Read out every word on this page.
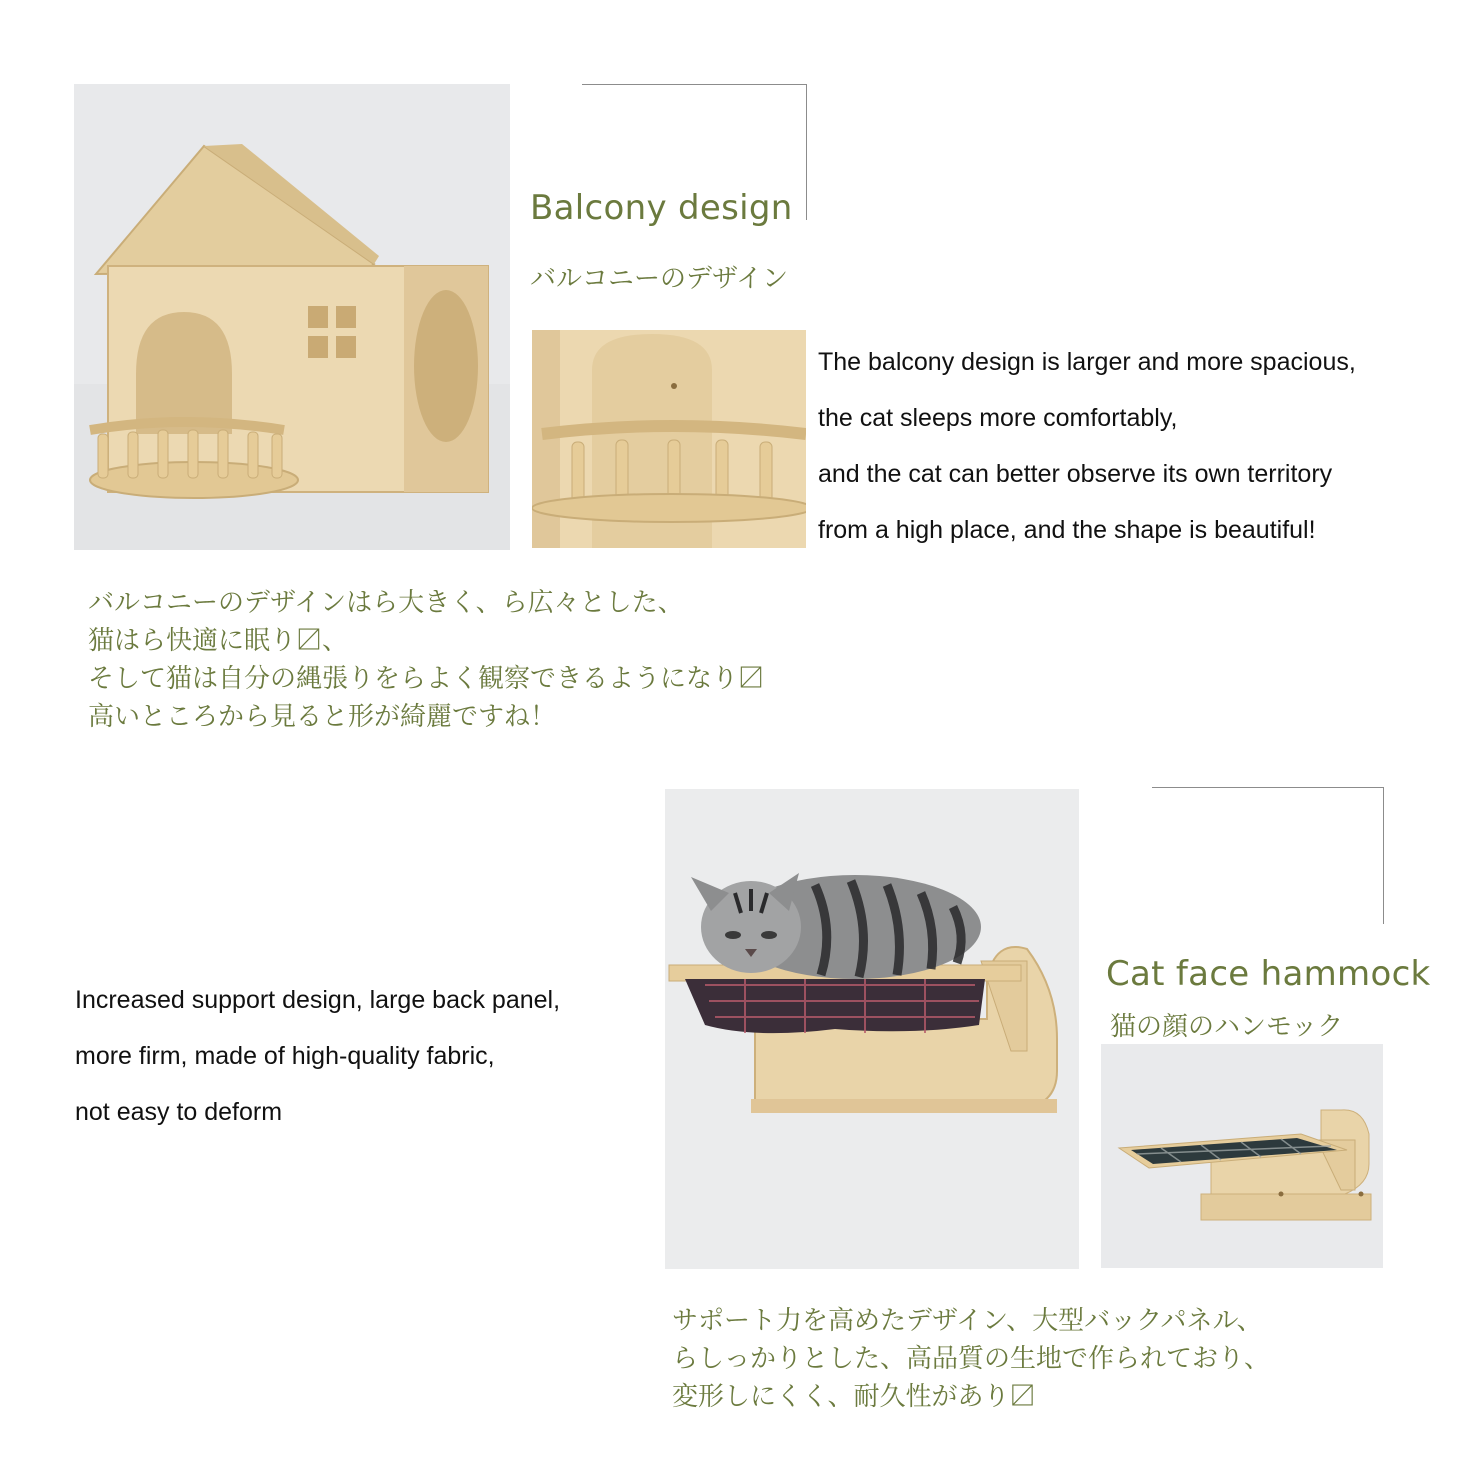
Balcony design
バルコニーのデザイン
The balcony design is larger and more spacious,
the cat sleeps more comfortably,
and the cat can better observe its own territory
from a high place, and the shape is beautiful!
バルコニーのデザインはら大きく、ら広々とした、
猫はら快適に眠り〼、
そして猫は自分の縄張りをらよく観察できるようになり〼
高いところから見ると形が綺麗ですね！
Increased support design, large back panel,
more firm, made of high-quality fabric,
not easy to deform
Cat face hammock
猫の顔のハンモック
サポート力を高めたデザイン、大型バックパネル、
らしっかりとした、高品質の生地で作られており、
変形しにくく、耐久性があり〼
